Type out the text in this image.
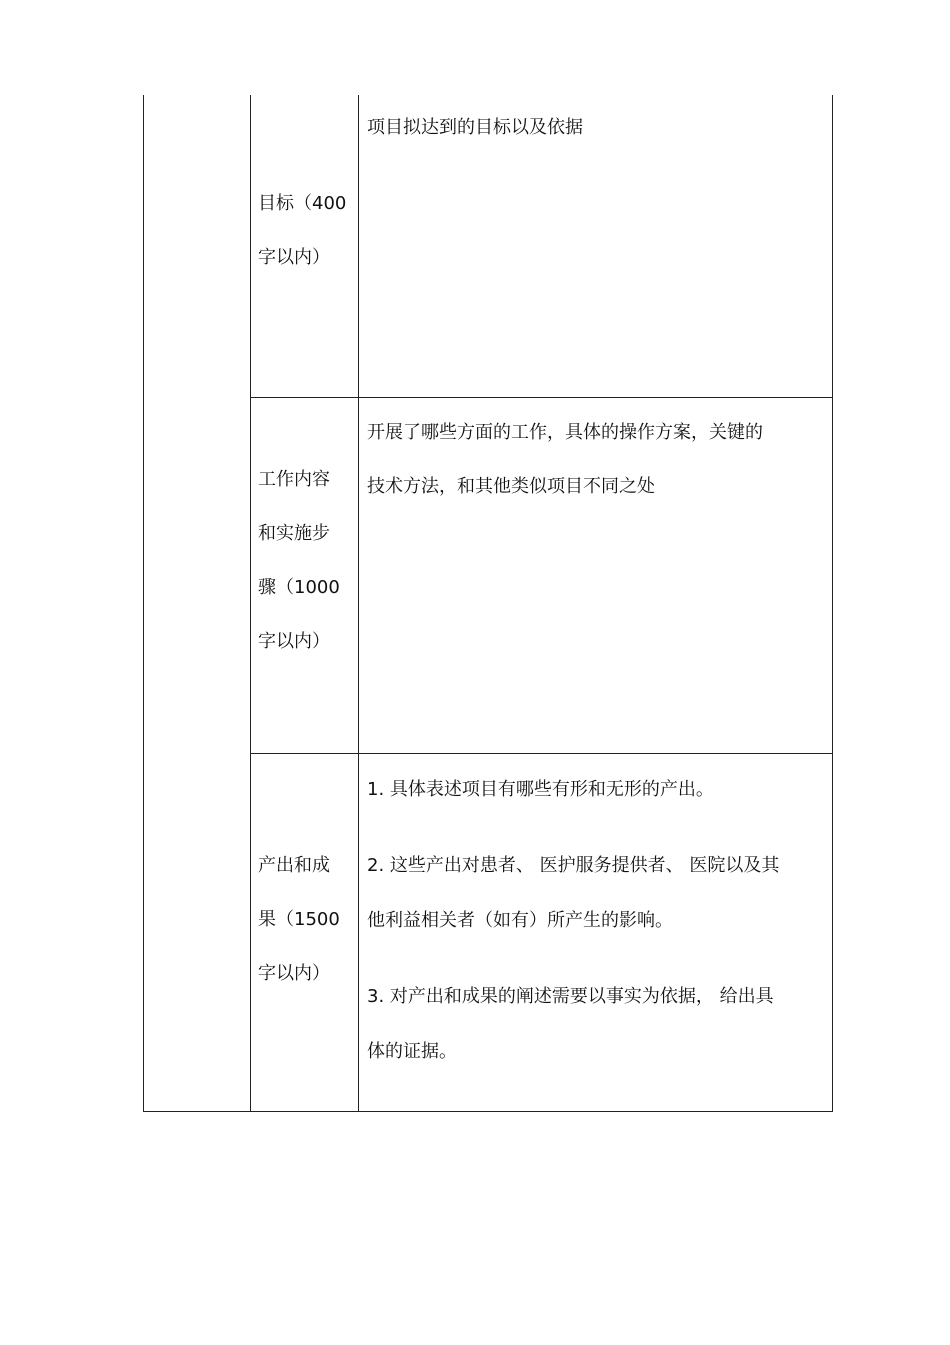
目标（400
字以内）
项目拟达到的目标以及依据
工作内容
和实施步
骤（1000
字以内）
开展了哪些方面的工作，具体的操作方案，关键的
技术方法，和其他类似项目不同之处
产出和成
果（1500
字以内）
1. 具体表述项目有哪些有形和无形的产出。
2. 这些产出对患者、 医护服务提供者、 医院以及其
他利益相关者（如有）所产生的影响。
3. 对产出和成果的阐述需要以事实为依据， 给出具
体的证据。
